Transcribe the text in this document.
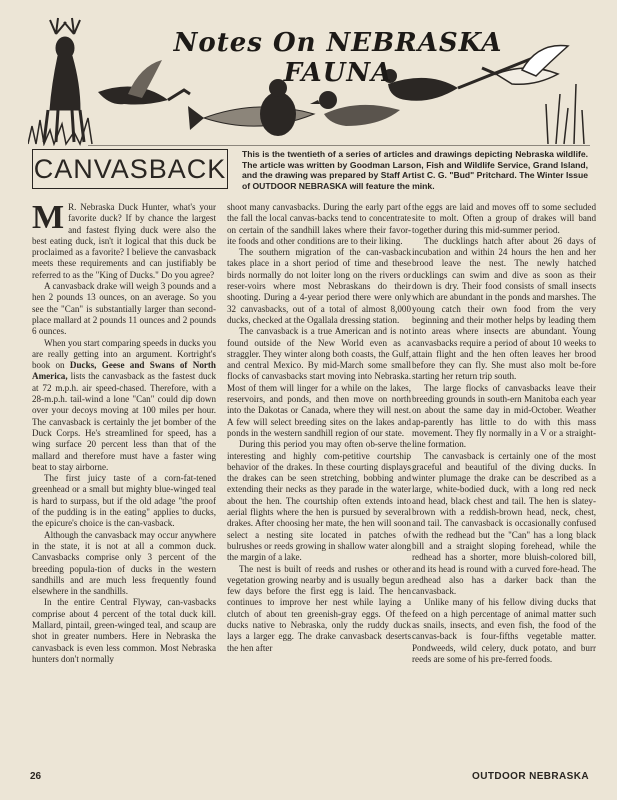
Notes On NEBRASKA FAUNA
CANVASBACK This is the twentieth of a series of articles and drawings depicting Nebraska wildlife. The article was written by Goodman Larson, Fish and Wildlife Service, Grand Island, and the drawing was prepared by Staff Artist C. G. "Bud" Pritchard. The Winter Issue of OUTDOOR NEBRASKA will feature the mink.

M R. Nebraska Duck Hunter, what's your favorite duck? If by chance the largest and fastest flying duck were also the best eating duck, isn't it logical that this duck be proclaimed as a favorite? I believe the canvasback meets these requirements and can justifiably be referred to as the "King of Ducks." Do you agree?

A canvasback drake will weigh 3 pounds and a hen 2 pounds 13 ounces, on an average. So you see the "Can" is substantially larger than second-place mallard at 2 pounds 11 ounces and 2 pounds 6 ounces.

When you start comparing speeds in ducks you are really getting into an argument. Kortright's book on Ducks, Geese and Swans of North America, lists the canvasback as the fastest duck at 72 m.p.h. air speed-chased. Therefore, with a 28-m.p.h. tail-wind a lone "Can" could dip down over your decoys moving at 100 miles per hour. The canvasback is certainly the jet bomber of the Duck Corps. He's streamlined for speed, has a wing surface 20 percent less than that of the mallard and therefore must have a faster wing beat to stay airborne.

The first juicy taste of a corn-fat-tened greenhead or a small but mighty blue-winged teal is hard to surpass, but if the old adage "the proof of the pudding is in the eating" applies to ducks, the epicure's choice is the can-vasback.

Although the canvasback may occur anywhere in the state, it is not at all a common duck. Canvasbacks comprise only 3 percent of the breeding popula-tion of ducks in the western sandhills and are much less frequently found elsewhere in the sandhills.

In the entire Central Flyway, can-vasbacks comprise about 4 percent of the total duck kill. Mallard, pintail, green-winged teal, and scaup are shot in greater numbers. Here in Nebraska the canvasback is even less common. Most Nebraska hunters don't normally

shoot many canvasbacks. During the early part of the fall the local canvas-backs tend to concentrate on certain of the sandhill lakes where their favor-ite foods and other conditions are to their liking.

The southern migration of the can-vasback takes place in a short period of time and these birds normally do not loiter long on the rivers or reser-voirs where most Nebraskans do their shooting. During a 4-year period there were only 32 canvasbacks, out of a total of almost 8,000 ducks, checked at the Ogallala dressing station.

The canvasback is a true American and is not found outside of the New World even as a straggler. They winter along both coasts, the Gulf, and central Mexico. By mid-March some small flocks of canvasbacks start moving into Nebraska. Most of them will linger for a while on the lakes, reservoirs, and ponds, and then move on north into the Dakotas or Canada, where they will nest. A few will select breeding sites on the lakes and ponds in the western sandhill region of our state.

During this period you may often ob-serve the interesting and highly com-petitive courtship behavior of the drakes. In these courting displays the drakes can be seen stretching, bobbing and extending their necks as they parade in the water about the hen. The courtship often extends into aerial flights where the hen is pursued by several drakes. After choosing her mate, the hen will soon select a nesting site located in patches of bulrushes or reeds growing in shallow water along the margin of a lake.

The nest is built of reeds and rushes or other vegetation growing nearby and is usually begun a few days before the first egg is laid. The hen continues to improve her nest while laying a clutch of about ten greenish-gray eggs. Of the ducks native to Nebraska, only the ruddy duck lays a larger egg. The drake canvasback deserts the hen after

the eggs are laid and moves off to some secluded site to molt. Often a group of drakes will band together during this mid-summer period.

The ducklings hatch after about 26 days of incubation and within 24 hours the hen and her brood leave the nest. The newly hatched ducklings can swim and dive as soon as their down is dry. Their food consists of small insects which are abundant in the ponds and marshes. The young catch their own food from the very beginning and their mother helps by leading them into areas where insects are abundant. Young canvasbacks require a period of about 10 weeks to attain flight and the hen often leaves her brood before they can fly. She must also molt be-fore starting her return trip south.

The large flocks of canvasbacks leave their breeding grounds in south-ern Manitoba each year on about the same day in mid-October. Weather ap-parently has little to do with this mass movement. They fly normally in a V or a straight-line formation.

The canvasback is certainly one of the most graceful and beautiful of the diving ducks. In winter plumage the drake can be described as a large, white-bodied duck, with a long red neck and head, black chest and tail. The hen is slatey-brown with a reddish-brown head, neck, chest, and tail. The canvasback is occasionally confused with the redhead but the "Can" has a long black bill and a straight sloping forehead, while the redhead has a shorter, more bluish-colored bill, and its head is round with a curved fore-head. The redhead also has a darker back than the canvasback.

Unlike many of his fellow diving ducks that feed on a high percentage of animal matter such as snails, insects, and even fish, the food of the canvas-back is four-fifths vegetable matter. Pondweeds, wild celery, duck potato, and burr reeds are some of his pre-ferred foods.

26	OUTDOOR NEBRASKA
